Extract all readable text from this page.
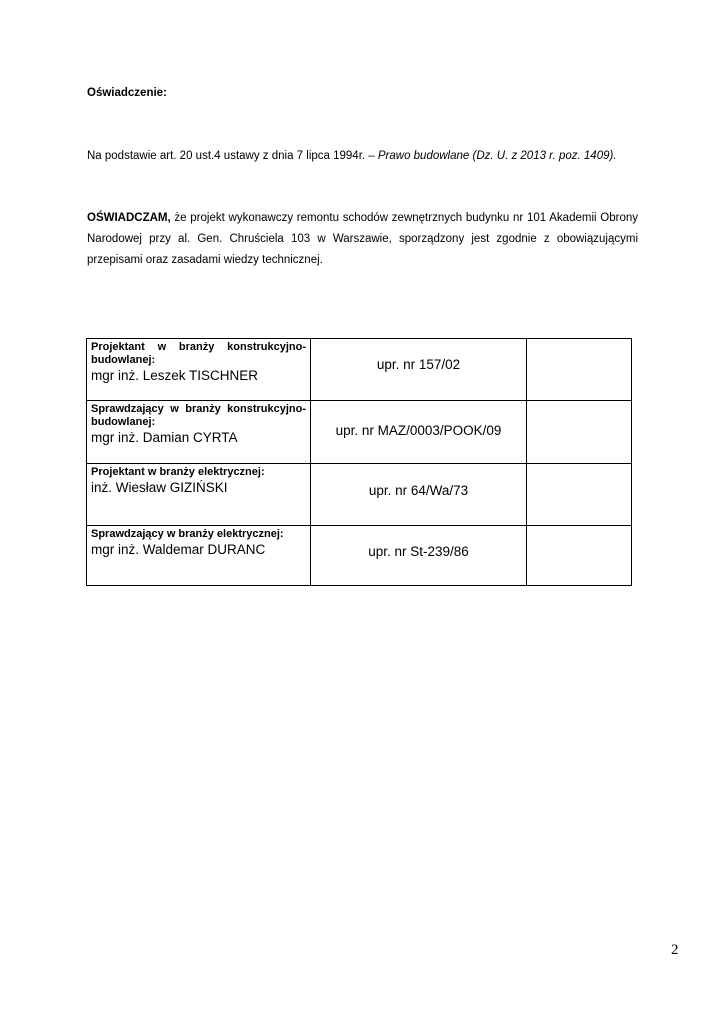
Oświadczenie:
Na podstawie art. 20 ust.4 ustawy z dnia 7 lipca 1994r. – Prawo budowlane (Dz. U. z 2013 r. poz. 1409).
OŚWIADCZAM, że projekt wykonawczy remontu schodów zewnętrznych budynku nr 101 Akademii Obrony Narodowej przy al. Gen. Chruściela 103 w Warszawie, sporządzony jest zgodnie z obowiązującymi przepisami oraz zasadami wiedzy technicznej.
Projektant w branży konstrukcyjno-budowlanej:
mgr inż. Leszek TISCHNER	upr. nr 157/02	

Sprawdzający w branży konstrukcyjno-budowlanej:
mgr inż. Damian CYRTA	upr. nr MAZ/0003/POOK/09	

Projektant w branży elektrycznej:
inż. Wiesław GIZIŃSKI	upr. nr 64/Wa/73	

Sprawdzający w branży elektrycznej:
mgr inż. Waldemar DURANC	upr. nr St-239/86	

2
